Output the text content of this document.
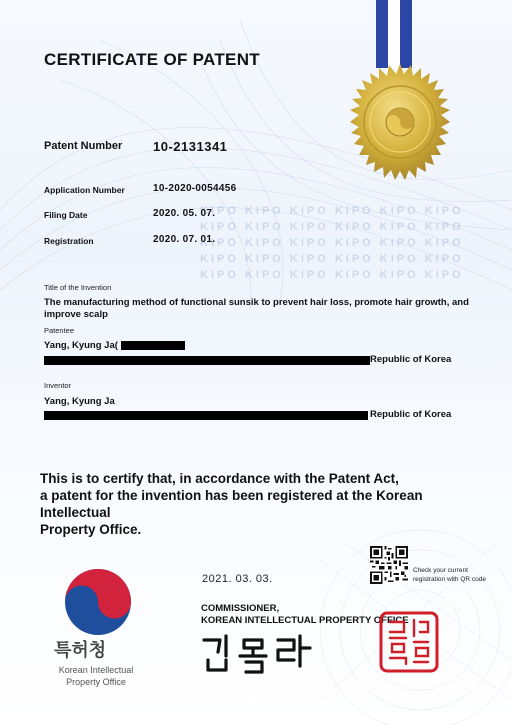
KIPO KIPO KIPO KIPO KIPO KIPO
KIPO KIPO KIPO KIPO KIPO KIPO
KIPO KIPO KIPO KIPO KIPO KIPO
KIPO KIPO KIPO KIPO KIPO KIPO
KIPO KIPO KIPO KIPO KIPO KIPO
CERTIFICATE OF PATENT
Patent Number 10-2131341
Application Number	10-2020-0054456
Filing Date	2020. 05. 07.
Registration	2020. 07. 01.
Title of the Invention
The manufacturing method of functional sunsik to prevent hair loss, promote hair growth, and improve scalp
Patentee
Yang, Kyung Ja(
Republic of Korea
Inventor
Yang, Kyung Ja
Republic of Korea
This is to certify that, in accordance with the Patent Act,
a patent for the invention has been registered at the Korean Intellectual
Property Office.
특허청
Korean Intellectual
Property Office
2021. 03. 03.
Check your current
registration with QR code
COMMISSIONER,
KOREAN INTELLECTUAL PROPERTY OFFICE
